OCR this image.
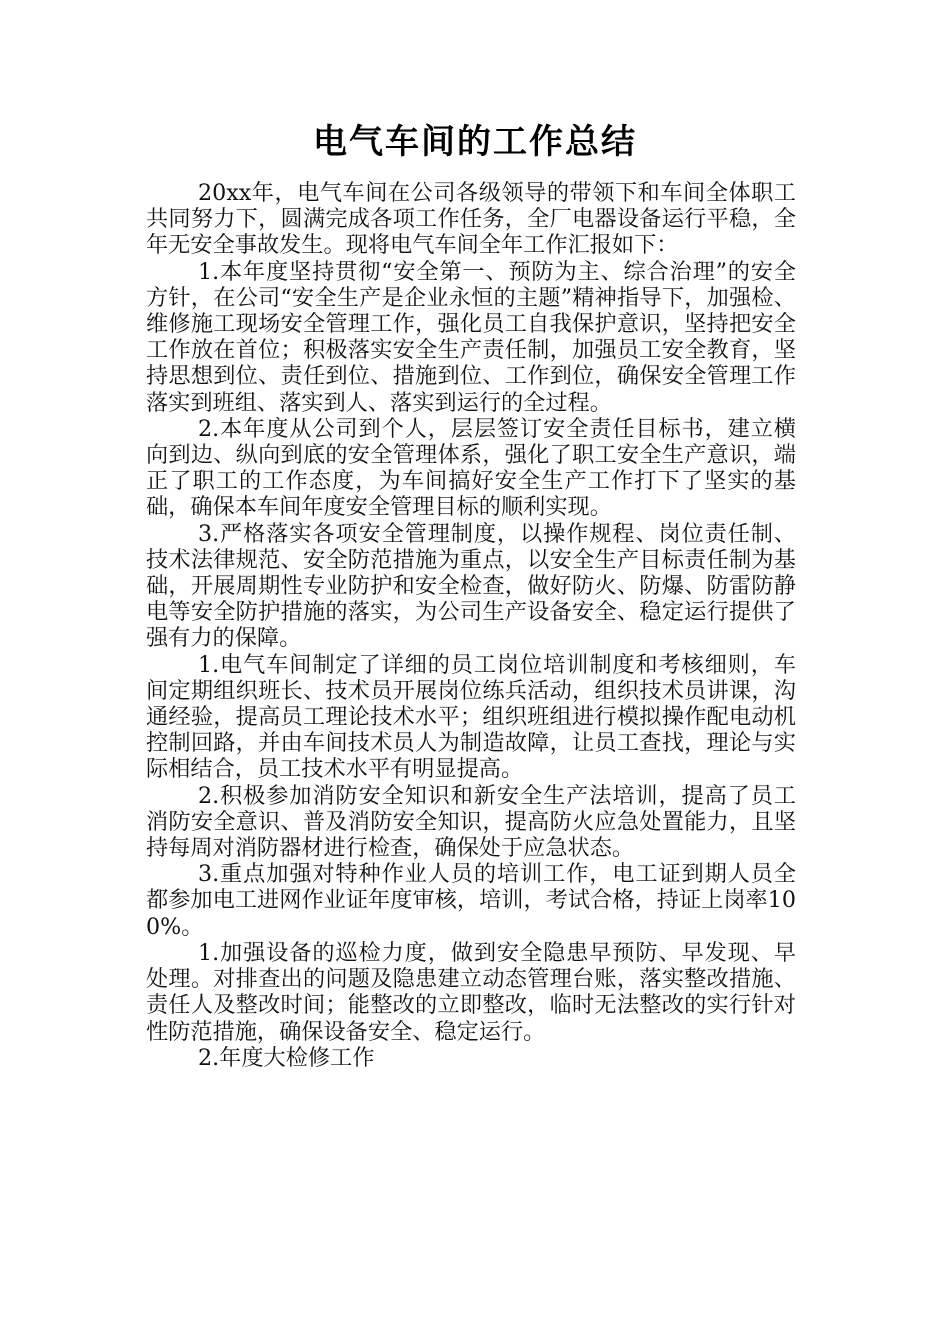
电气车间的工作总结

20xx年，电气车间在公司各级领导的带领下和车间全体职工共同努力下，圆满完成各项工作任务，全厂电器设备运行平稳，全年无安全事故发生。现将电气车间全年工作汇报如下：

1.本年度坚持贯彻“安全第一、预防为主、综合治理”的安全方针，在公司“安全生产是企业永恒的主题”精神指导下，加强检、维修施工现场安全管理工作，强化员工自我保护意识，坚持把安全工作放在首位；积极落实安全生产责任制，加强员工安全教育，坚持思想到位、责任到位、措施到位、工作到位，确保安全管理工作落实到班组、落实到人、落实到运行的全过程。

2.本年度从公司到个人，层层签订安全责任目标书，建立横向到边、纵向到底的安全管理体系，强化了职工安全生产意识，端正了职工的工作态度，为车间搞好安全生产工作打下了坚实的基础，确保本车间年度安全管理目标的顺利实现。

3.严格落实各项安全管理制度，以操作规程、岗位责任制、技术法律规范、安全防范措施为重点，以安全生产目标责任制为基础，开展周期性专业防护和安全检查，做好防火、防爆、防雷防静电等安全防护措施的落实，为公司生产设备安全、稳定运行提供了强有力的保障。

1.电气车间制定了详细的员工岗位培训制度和考核细则，车间定期组织班长、技术员开展岗位练兵活动，组织技术员讲课，沟通经验，提高员工理论技术水平；组织班组进行模拟操作配电动机控制回路，并由车间技术员人为制造故障，让员工查找，理论与实际相结合，员工技术水平有明显提高。

2.积极参加消防安全知识和新安全生产法培训，提高了员工消防安全意识、普及消防安全知识，提高防火应急处置能力，且坚持每周对消防器材进行检查，确保处于应急状态。

3.重点加强对特种作业人员的培训工作，电工证到期人员全都参加电工进网作业证年度审核，培训，考试合格，持证上岗率100%。

1.加强设备的巡检力度，做到安全隐患早预防、早发现、早处理。对排查出的问题及隐患建立动态管理台账，落实整改措施、责任人及整改时间；能整改的立即整改，临时无法整改的实行针对性防范措施，确保设备安全、稳定运行。

2.年度大检修工作
